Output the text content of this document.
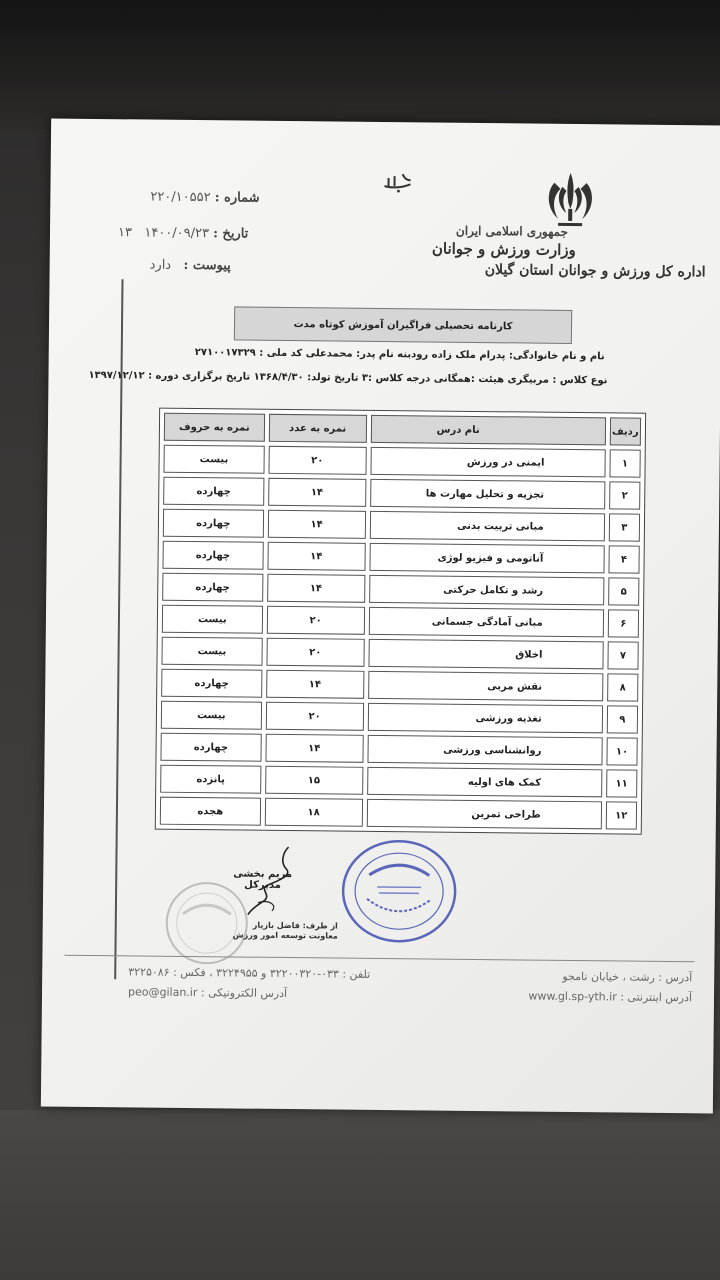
جمهوری اسلامی ایران
وزارت ورزش و جوانان
اداره کل ورزش و جوانان استان گیلان
شماره : ۲۲۰/۱۰۵۵۲
تاریخ : ۱۴۰۰/۰۹/۲۳   ۱۳
پیوست :   دارد
کارنامه تحصیلی فراگیران آموزش کوتاه مدت
نام و نام خانوادگی: پدرام ملک زاده رودبنه نام پدر: محمدعلی کد ملی : ۲۷۱۰۰۱۷۳۲۹
نوع کلاس : مربیگری هیئت :همگانی درجه کلاس :۳ تاریخ تولد: ۱۳۶۸/۴/۳۰ تاریخ برگزاری دوره : ۱۳۹۷/۱۲/۱۲
ردیف	نام درس	نمره به عدد	نمره به حروف
۱	ایمنی در ورزش	۲۰	بیست
۲	تجزیه و تحلیل مهارت ها	۱۴	چهارده
۳	مبانی تربیت بدنی	۱۴	چهارده
۴	آناتومی و فیزیو لوژی	۱۴	چهارده
۵	رشد و تکامل حرکتی	۱۴	چهارده
۶	مبانی آمادگی جسمانی	۲۰	بیست
۷	اخلاق	۲۰	بیست
۸	نقش مربی	۱۴	چهارده
۹	تغذیه ورزشی	۲۰	بیست
۱۰	روانشناسی ورزشی	۱۴	چهارده
۱۱	کمک های اولیه	۱۵	پانزده
۱۲	طراحی تمرین	۱۸	هجده
مریم بخشی
مدیرکل
از طرف: فاضل بازیار
معاونت توسعه امور ورزش
آدرس : رشت ، خیابان نامجو
تلفن : ۰۳۳-۳۲۲۰۰۳۲۰ و ۳۲۲۴۹۵۵ ، فکس : ۳۲۲۵۰۸۶
آدرس اینترنتی : www.gl.sp-yth.ir
آدرس الکترونیکی : peo@gilan.ir
